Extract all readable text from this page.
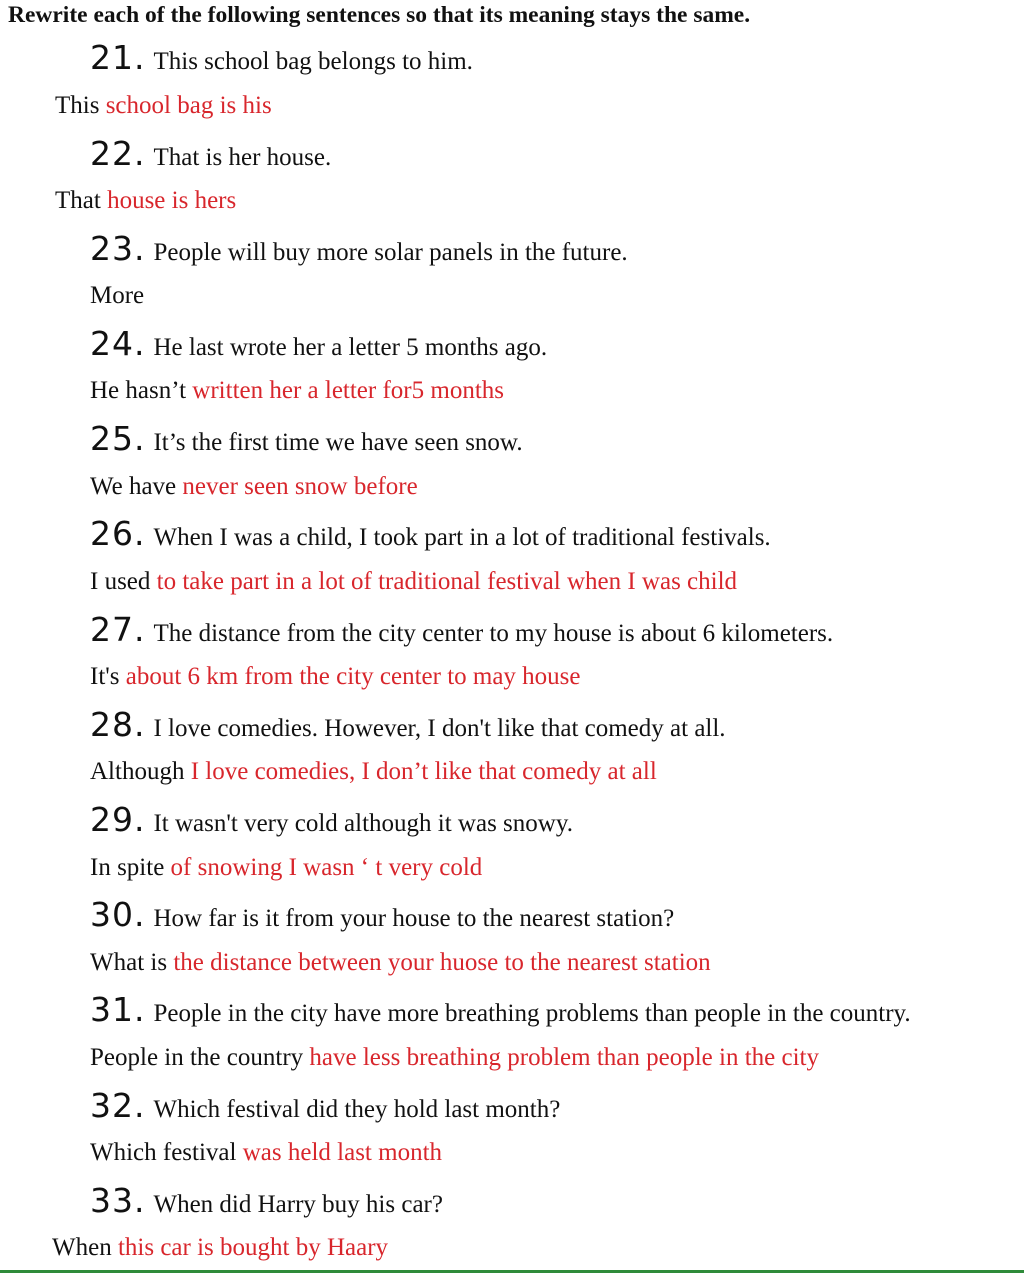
Rewrite each of the following sentences so that its meaning stays the same.
21. This school bag belongs to him.
This school bag is his
22. That is her house.
That house is hers
23. People will buy more solar panels in the future.
More
24. He last wrote her a letter 5 months ago.
He hasn’t written her a letter for5 months
25. It’s the first time we have seen snow.
We have never seen snow before
26. When I was a child, I took part in a lot of traditional festivals.
I used to take part in a lot of traditional festival when I was child
27. The distance from the city center to my house is about 6 kilometers.
It's about 6 km from the city center to may house
28. I love comedies. However, I don't like that comedy at all.
Although I love comedies, I don’t like that comedy at all
29. It wasn't very cold although it was snowy.
In spite of snowing I wasn ‘ t very cold
30. How far is it from your house to the nearest station?
What is the distance between your huose to the nearest station
31. People in the city have more breathing problems than people in the country.
People in the country have less breathing problem than people in the city
32. Which festival did they hold last month?
Which festival was held last month
33. When did Harry buy his car?
When this car is bought by Haary
